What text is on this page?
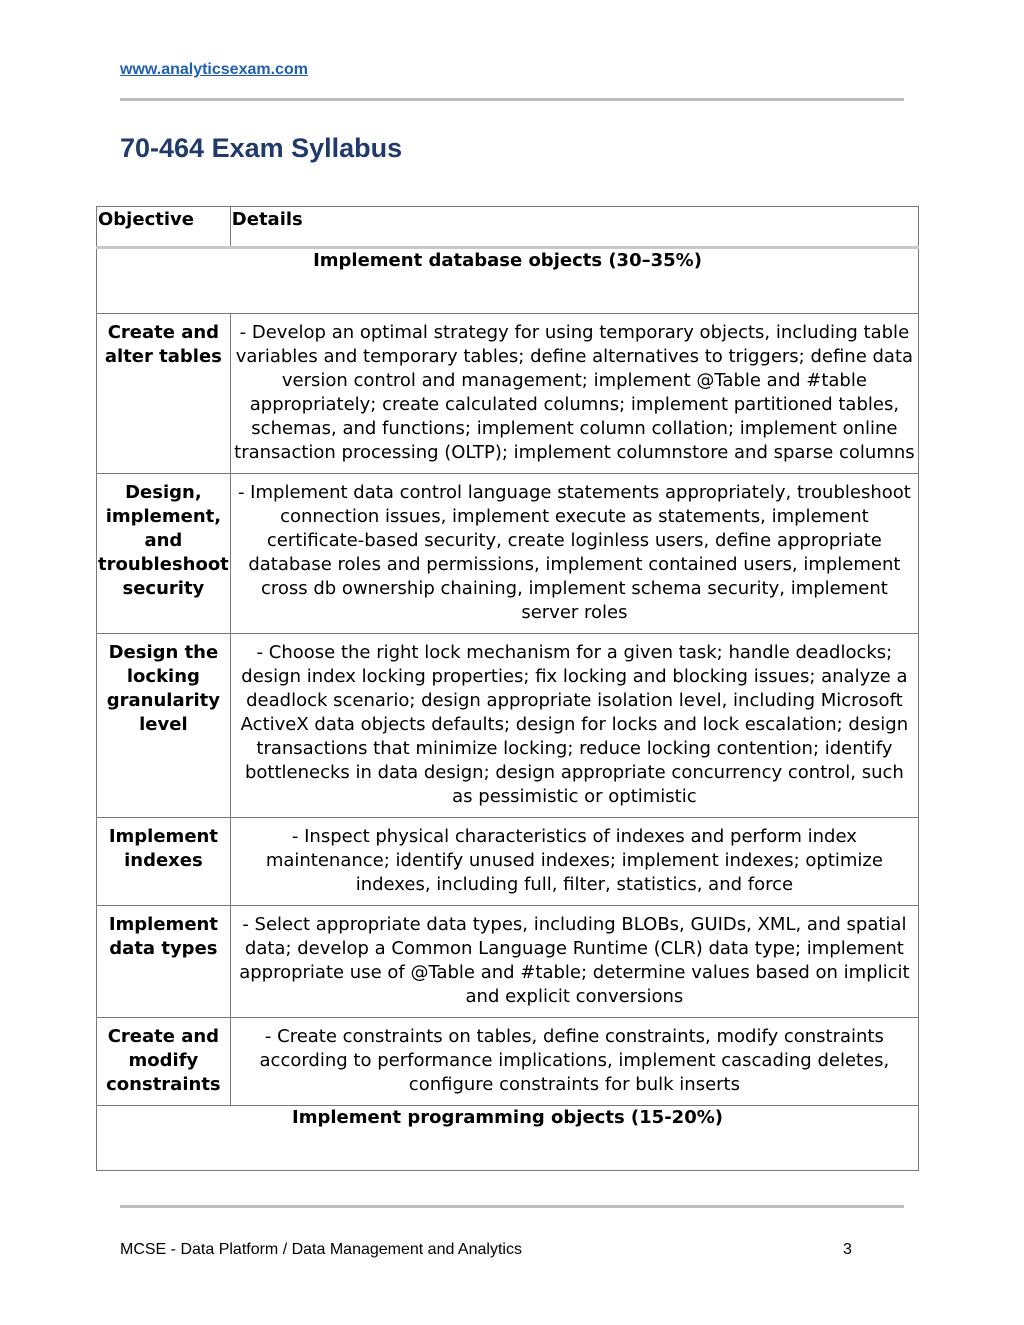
www.analyticsexam.com
70-464 Exam Syllabus
Objective	Details
Implement database objects (30–35%)	
Create and alter tables	- Develop an optimal strategy for using temporary objects, including table variables and temporary tables; define alternatives to triggers; define data version control and management; implement @Table and #table appropriately; create calculated columns; implement partitioned tables, schemas, and functions; implement column collation; implement online transaction processing (OLTP); implement columnstore and sparse columns
Design, implement, and troubleshoot security	- Implement data control language statements appropriately, troubleshoot connection issues, implement execute as statements, implement certificate-based security, create loginless users, define appropriate database roles and permissions, implement contained users, implement cross db ownership chaining, implement schema security, implement server roles
Design the locking granularity level	- Choose the right lock mechanism for a given task; handle deadlocks; design index locking properties; fix locking and blocking issues; analyze a deadlock scenario; design appropriate isolation level, including Microsoft ActiveX data objects defaults; design for locks and lock escalation; design transactions that minimize locking; reduce locking contention; identify bottlenecks in data design; design appropriate concurrency control, such as pessimistic or optimistic
Implement indexes	- Inspect physical characteristics of indexes and perform index maintenance; identify unused indexes; implement indexes; optimize indexes, including full, filter, statistics, and force
Implement data types	- Select appropriate data types, including BLOBs, GUIDs, XML, and spatial data; develop a Common Language Runtime (CLR) data type; implement appropriate use of @Table and #table; determine values based on implicit and explicit conversions
Create and modify constraints	- Create constraints on tables, define constraints, modify constraints according to performance implications, implement cascading deletes, configure constraints for bulk inserts
Implement programming objects (15-20%)	
MCSE - Data Platform / Data Management and Analytics	3
